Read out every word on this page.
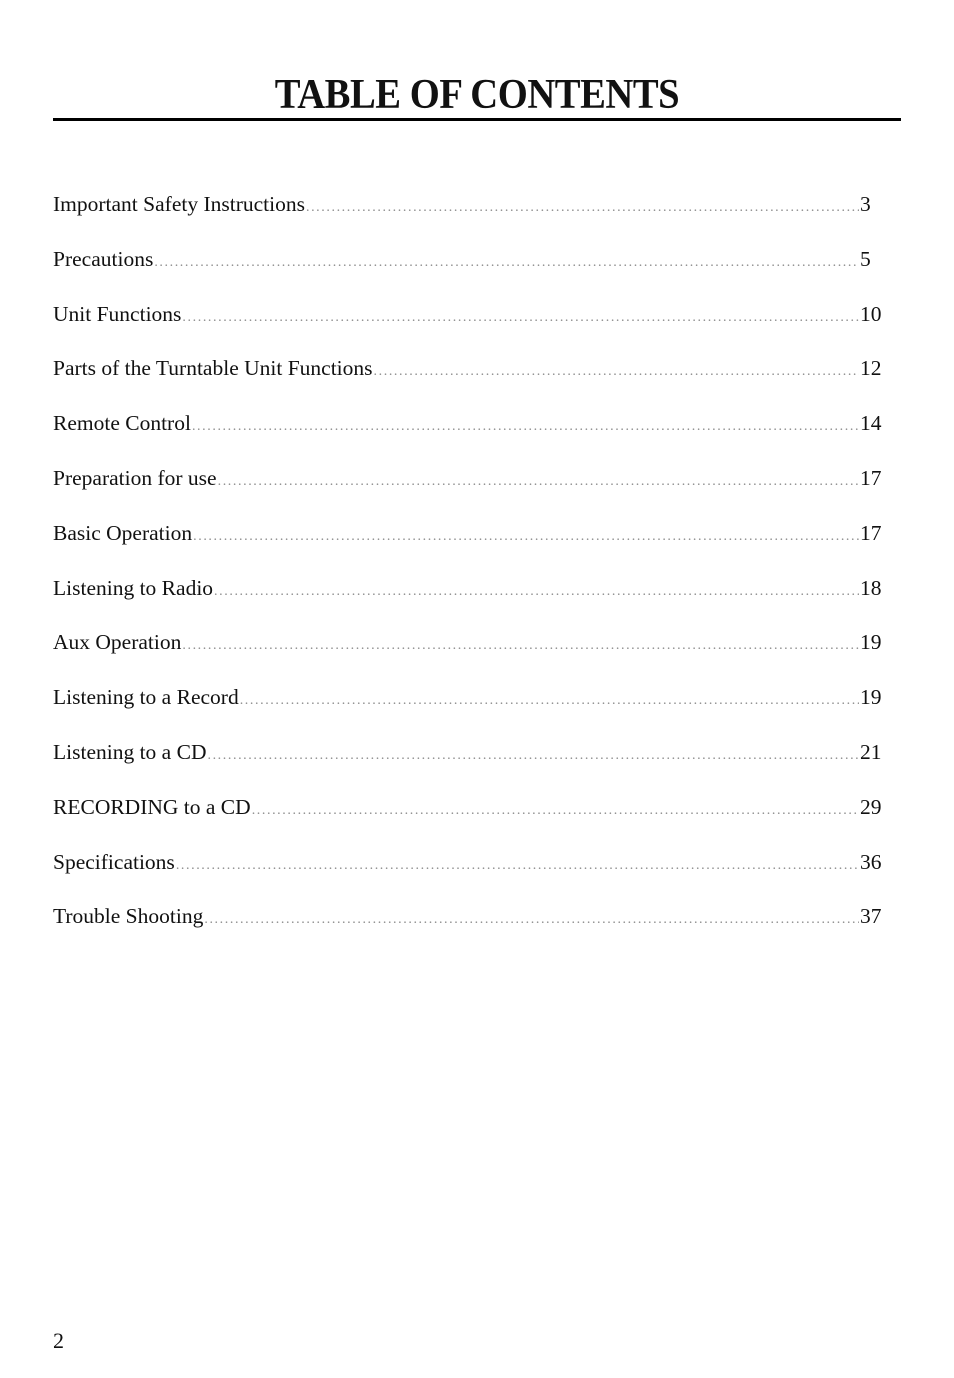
TABLE OF CONTENTS
Important Safety Instructions .....	3
Precautions .....	5
Unit Functions .....	10
Parts of the Turntable Unit Functions .....	12
Remote Control .....	14
Preparation for use .....	17
Basic Operation .....	17
Listening to Radio .....	18
Aux Operation .....	19
Listening to a Record .....	19
Listening to a CD .....	21
RECORDING to a CD .....	29
Specifications .....	36
Trouble Shooting .....	37
2
